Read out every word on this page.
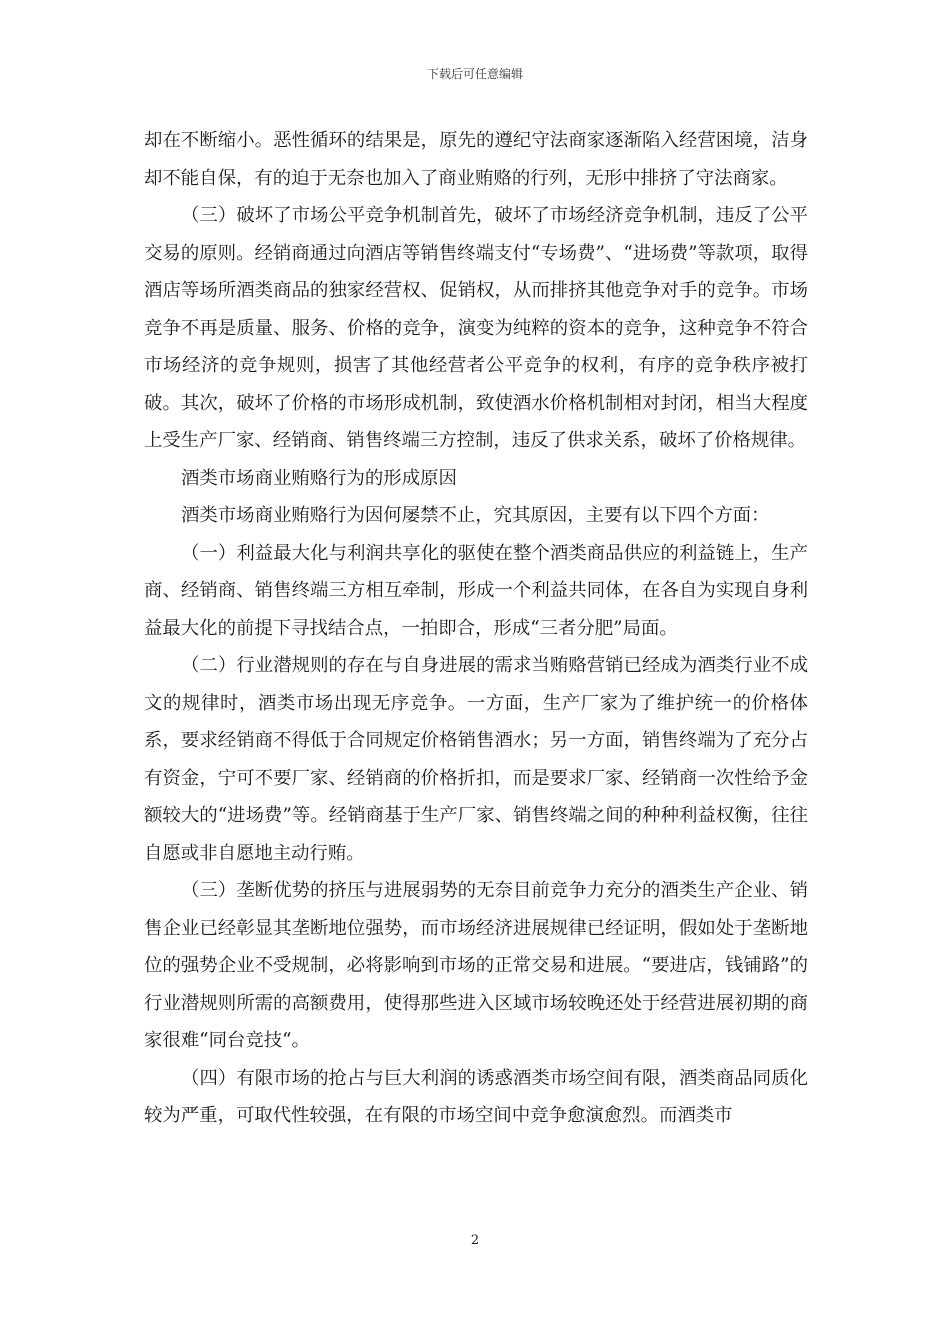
下载后可任意编辑

却在不断缩小。恶性循环的结果是，原先的遵纪守法商家逐渐陷入经营困境，洁身却不能自保，有的迫于无奈也加入了商业贿赂的行列，无形中排挤了守法商家。

（三）破坏了市场公平竞争机制首先，破坏了市场经济竞争机制，违反了公平交易的原则。经销商通过向酒店等销售终端支付“专场费”、“进场费”等款项，取得酒店等场所酒类商品的独家经营权、促销权，从而排挤其他竞争对手的竞争。市场竞争不再是质量、服务、价格的竞争，演变为纯粹的资本的竞争，这种竞争不符合市场经济的竞争规则，损害了其他经营者公平竞争的权利，有序的竞争秩序被打破。其次，破坏了价格的市场形成机制，致使酒水价格机制相对封闭，相当大程度上受生产厂家、经销商、销售终端三方控制，违反了供求关系，破坏了价格规律。

酒类市场商业贿赂行为的形成原因

酒类市场商业贿赂行为因何屡禁不止，究其原因，主要有以下四个方面：

（一）利益最大化与利润共享化的驱使在整个酒类商品供应的利益链上，生产商、经销商、销售终端三方相互牵制，形成一个利益共同体，在各自为实现自身利益最大化的前提下寻找结合点，一拍即合，形成“三者分肥”局面。

（二）行业潜规则的存在与自身进展的需求当贿赂营销已经成为酒类行业不成文的规律时，酒类市场出现无序竞争。一方面，生产厂家为了维护统一的价格体系，要求经销商不得低于合同规定价格销售酒水；另一方面，销售终端为了充分占有资金，宁可不要厂家、经销商的价格折扣，而是要求厂家、经销商一次性给予金额较大的“进场费”等。经销商基于生产厂家、销售终端之间的种种利益权衡，往往自愿或非自愿地主动行贿。

（三）垄断优势的挤压与进展弱势的无奈目前竞争力充分的酒类生产企业、销售企业已经彰显其垄断地位强势，而市场经济进展规律已经证明，假如处于垄断地位的强势企业不受规制，必将影响到市场的正常交易和进展。“要进店，钱铺路”的行业潜规则所需的高额费用，使得那些进入区域市场较晚还处于经营进展初期的商家很难“同台竞技“。

（四）有限市场的抢占与巨大利润的诱惑酒类市场空间有限，酒类商品同质化较为严重，可取代性较强，在有限的市场空间中竞争愈演愈烈。而酒类市

2
